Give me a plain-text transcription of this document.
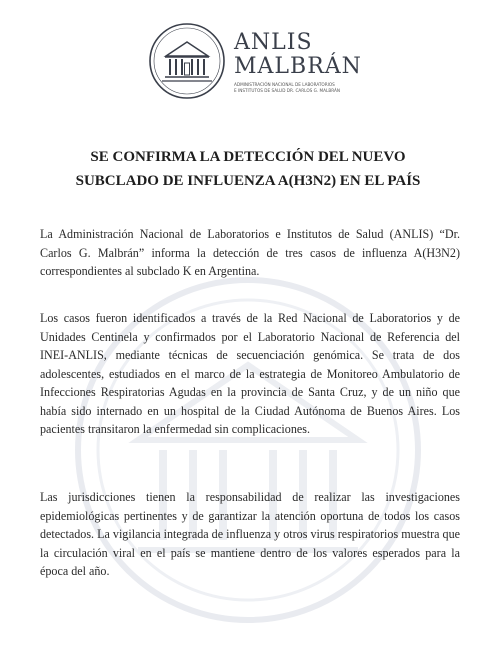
ANLIS
MALBRÁN
ADMINISTRACIÓN NACIONAL DE LABORATORIOS
E INSTITUTOS DE SALUD DR. CARLOS G. MALBRÁN
SE CONFIRMA LA DETECCIÓN DEL NUEVO
SUBCLADO DE INFLUENZA A(H3N2) EN EL PAÍS

La Administración Nacional de Laboratorios e Institutos de Salud (ANLIS) “Dr. Carlos G. Malbrán” informa la detección de tres casos de influenza A(H3N2) correspondientes al subclado K en Argentina.

Los casos fueron identificados a través de la Red Nacional de Laboratorios y de Unidades Centinela y confirmados por el Laboratorio Nacional de Referencia del INEI-ANLIS, mediante técnicas de secuenciación genómica. Se trata de dos adolescentes, estudiados en el marco de la estrategia de Monitoreo Ambulatorio de Infecciones Respiratorias Agudas en la provincia de Santa Cruz, y de un niño que había sido internado en un hospital de la Ciudad Autónoma de Buenos Aires. Los pacientes transitaron la enfermedad sin complicaciones.

Las jurisdicciones tienen la responsabilidad de realizar las investigaciones epidemiológicas pertinentes y de garantizar la atención oportuna de todos los casos detectados. La vigilancia integrada de influenza y otros virus respiratorios muestra que la circulación viral en el país se mantiene dentro de los valores esperados para la época del año.
